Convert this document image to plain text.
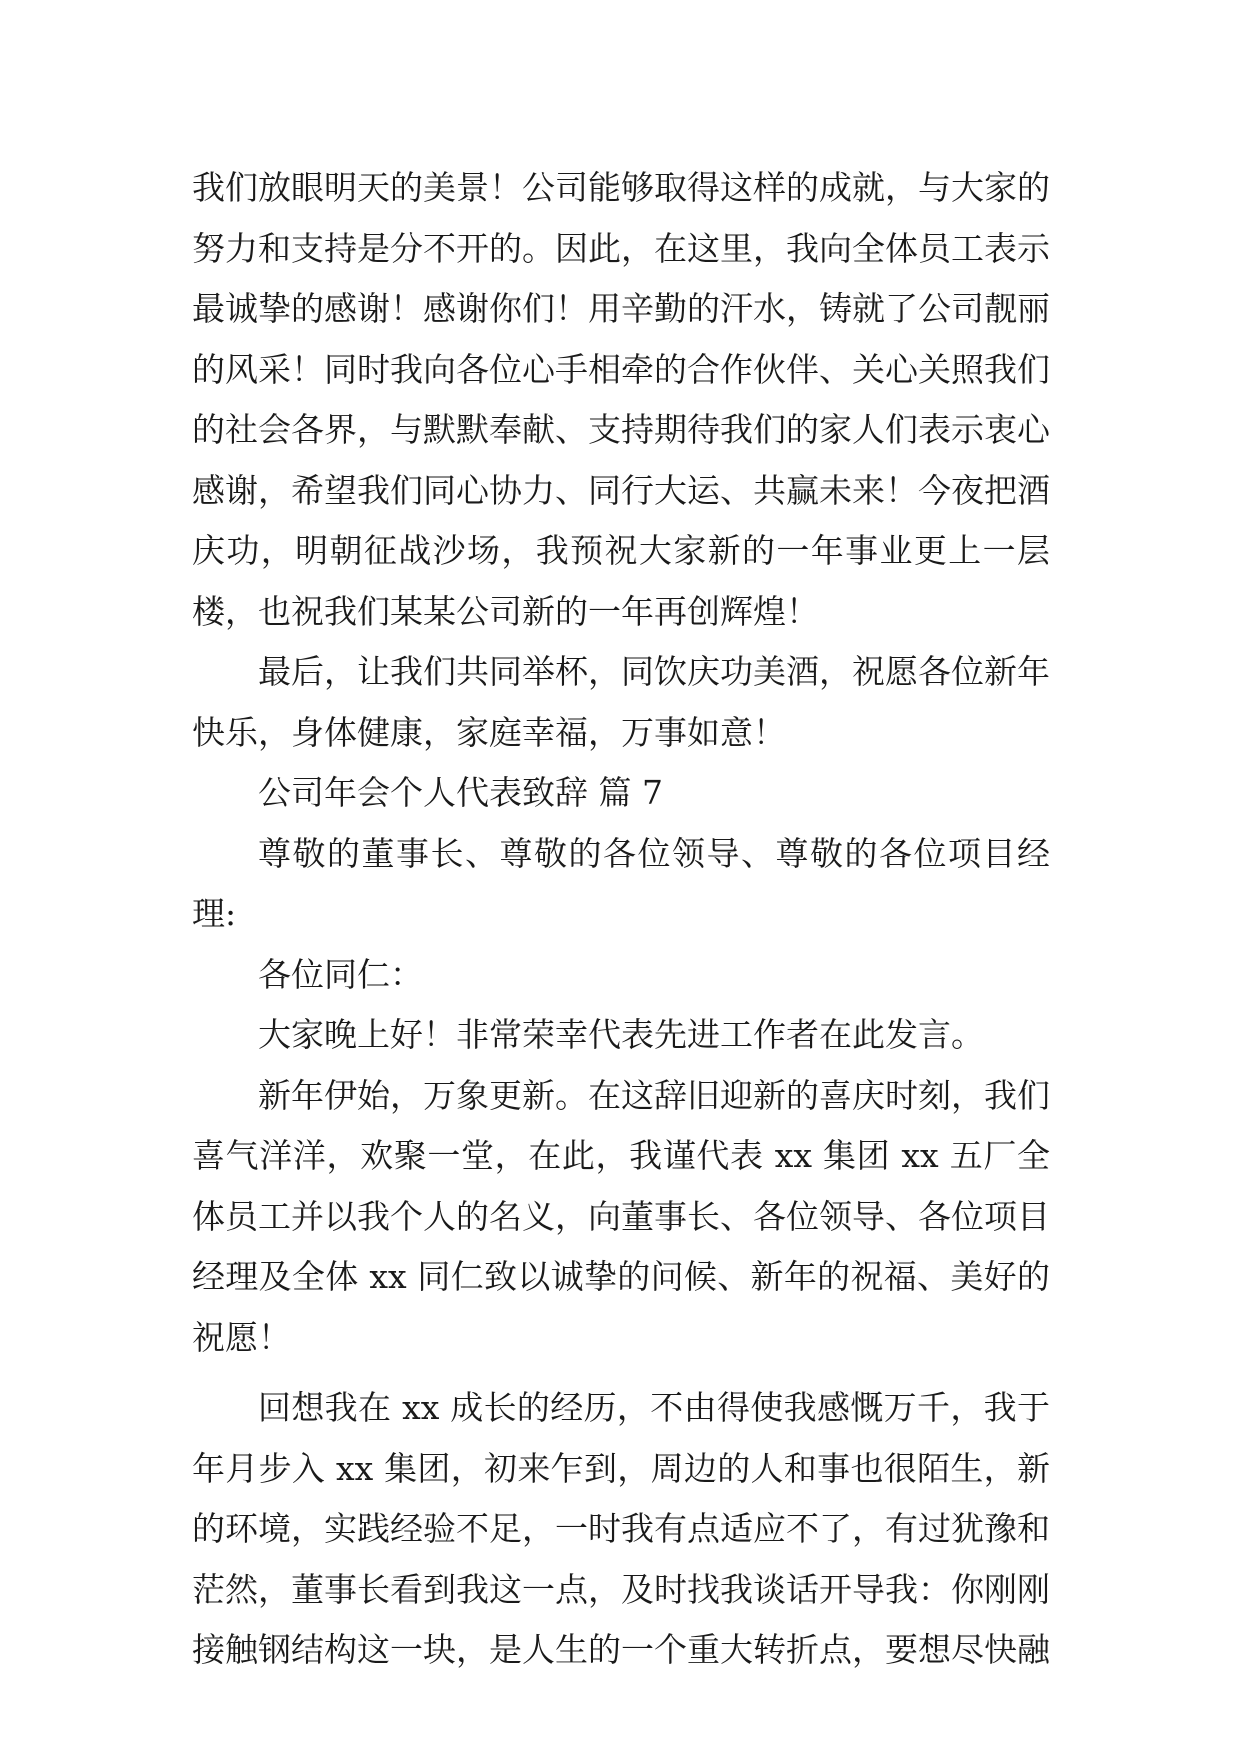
我们放眼明天的美景！公司能够取得这样的成就，与大家的努力和支持是分不开的。因此，在这里，我向全体员工表示最诚挚的感谢！感谢你们！用辛勤的汗水，铸就了公司靓丽的风采！同时我向各位心手相牵的合作伙伴、关心关照我们的社会各界，与默默奉献、支持期待我们的家人们表示衷心感谢，希望我们同心协力、同行大运、共赢未来！今夜把酒庆功，明朝征战沙场，我预祝大家新的一年事业更上一层楼，也祝我们某某公司新的一年再创辉煌！

最后，让我们共同举杯，同饮庆功美酒，祝愿各位新年快乐，身体健康，家庭幸福，万事如意！

公司年会个人代表致辞 篇 7

尊敬的董事长、尊敬的各位领导、尊敬的各位项目经理:

各位同仁：

大家晚上好！非常荣幸代表先进工作者在此发言。

新年伊始，万象更新。在这辞旧迎新的喜庆时刻，我们喜气洋洋，欢聚一堂，在此，我谨代表 xx 集团 xx 五厂全体员工并以我个人的名义，向董事长、各位领导、各位项目经理及全体 xx 同仁致以诚挚的问候、新年的祝福、美好的祝愿！

回想我在 xx 成长的经历，不由得使我感慨万千，我于年月步入 xx 集团，初来乍到，周边的人和事也很陌生，新的环境，实践经验不足，一时我有点适应不了，有过犹豫和茫然，董事长看到我这一点，及时找我谈话开导我：你刚刚接触钢结构这一块，是人生的一个重大转折点，要想尽快融
